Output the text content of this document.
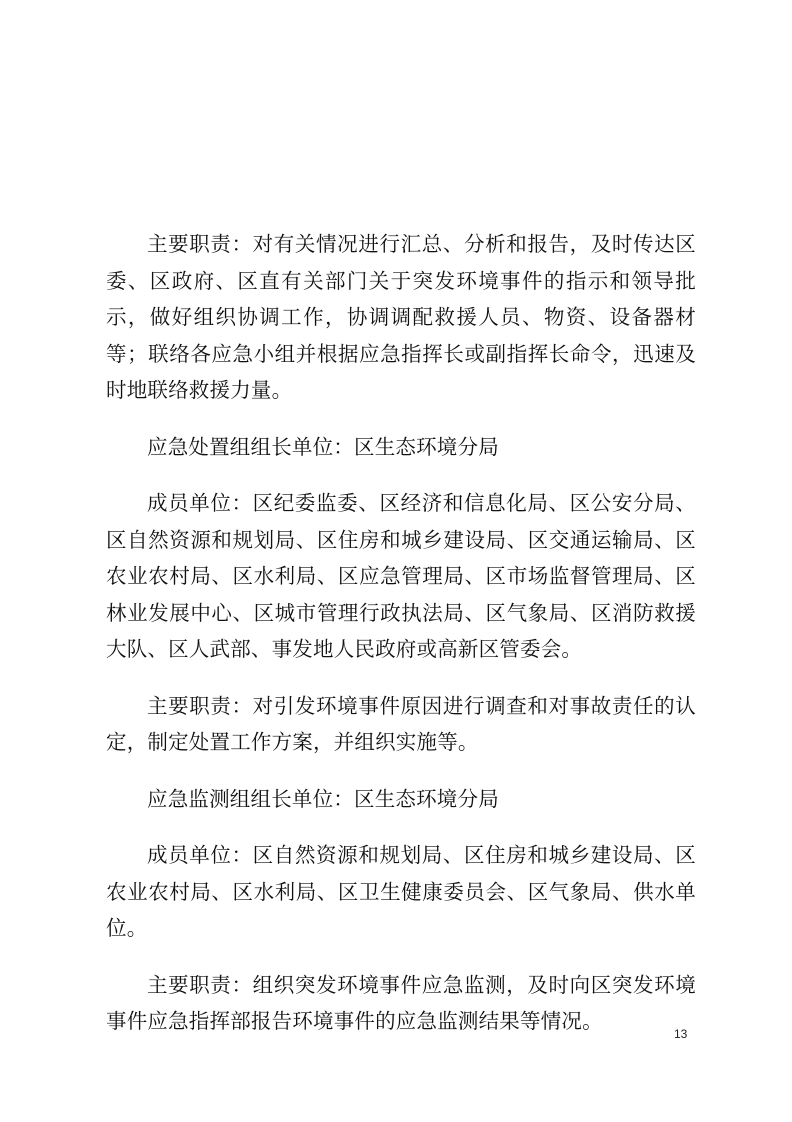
主要职责：对有关情况进行汇总、分析和报告，及时传达区委、区政府、区直有关部门关于突发环境事件的指示和领导批示，做好组织协调工作，协调调配救援人员、物资、设备器材等；联络各应急小组并根据应急指挥长或副指挥长命令，迅速及时地联络救援力量。

应急处置组组长单位：区生态环境分局

成员单位：区纪委监委、区经济和信息化局、区公安分局、区自然资源和规划局、区住房和城乡建设局、区交通运输局、区农业农村局、区水利局、区应急管理局、区市场监督管理局、区林业发展中心、区城市管理行政执法局、区气象局、区消防救援大队、区人武部、事发地人民政府或高新区管委会。

主要职责：对引发环境事件原因进行调查和对事故责任的认定，制定处置工作方案，并组织实施等。

应急监测组组长单位：区生态环境分局

成员单位：区自然资源和规划局、区住房和城乡建设局、区农业农村局、区水利局、区卫生健康委员会、区气象局、供水单位。

主要职责：组织突发环境事件应急监测，及时向区突发环境事件应急指挥部报告环境事件的应急监测结果等情况。

13
